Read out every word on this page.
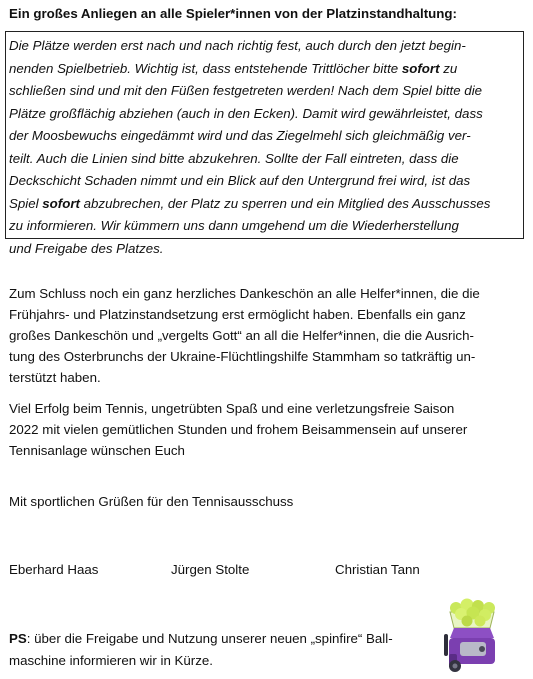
Ein großes Anliegen an alle Spieler*innen von der Platzinstandhaltung:
Die Plätze werden erst nach und nach richtig fest, auch durch den jetzt begin-
nenden Spielbetrieb. Wichtig ist, dass entstehende Trittlöcher bitte sofort zu
schließen sind und mit den Füßen festgetreten werden! Nach dem Spiel bitte die
Plätze großflächig abziehen (auch in den Ecken). Damit wird gewährleistet, dass
der Moosbewuchs eingedämmt wird und das Ziegelmehl sich gleichmäßig ver-
teilt. Auch die Linien sind bitte abzukehren. Sollte der Fall eintreten, dass die
Deckschicht Schaden nimmt und ein Blick auf den Untergrund frei wird, ist das
Spiel sofort abzubrechen, der Platz zu sperren und ein Mitglied des Ausschusses
zu informieren. Wir kümmern uns dann umgehend um die Wiederherstellung
und Freigabe des Platzes.
Zum Schluss noch ein ganz herzliches Dankeschön an alle Helfer*innen, die die
Frühjahrs- und Platzinstandsetzung erst ermöglicht haben. Ebenfalls ein ganz
großes Dankeschön und „vergelts Gott“ an all die Helfer*innen, die die Ausrich-
tung des Osterbrunchs der Ukraine-Flüchtlingshilfe Stammham so tatkräftig un-
terstützt haben.
Viel Erfolg beim Tennis, ungetrübten Spaß und eine verletzungsfreie Saison
2022 mit vielen gemütlichen Stunden und frohem Beisammensein auf unserer
Tennisanlage wünschen Euch
Mit sportlichen Grüßen für den Tennisausschuss
Eberhard Haas	Jürgen Stolte	Christian Tann
PS: über die Freigabe und Nutzung unserer neuen „spinfire“ Ball-
maschine informieren wir in Kürze.
